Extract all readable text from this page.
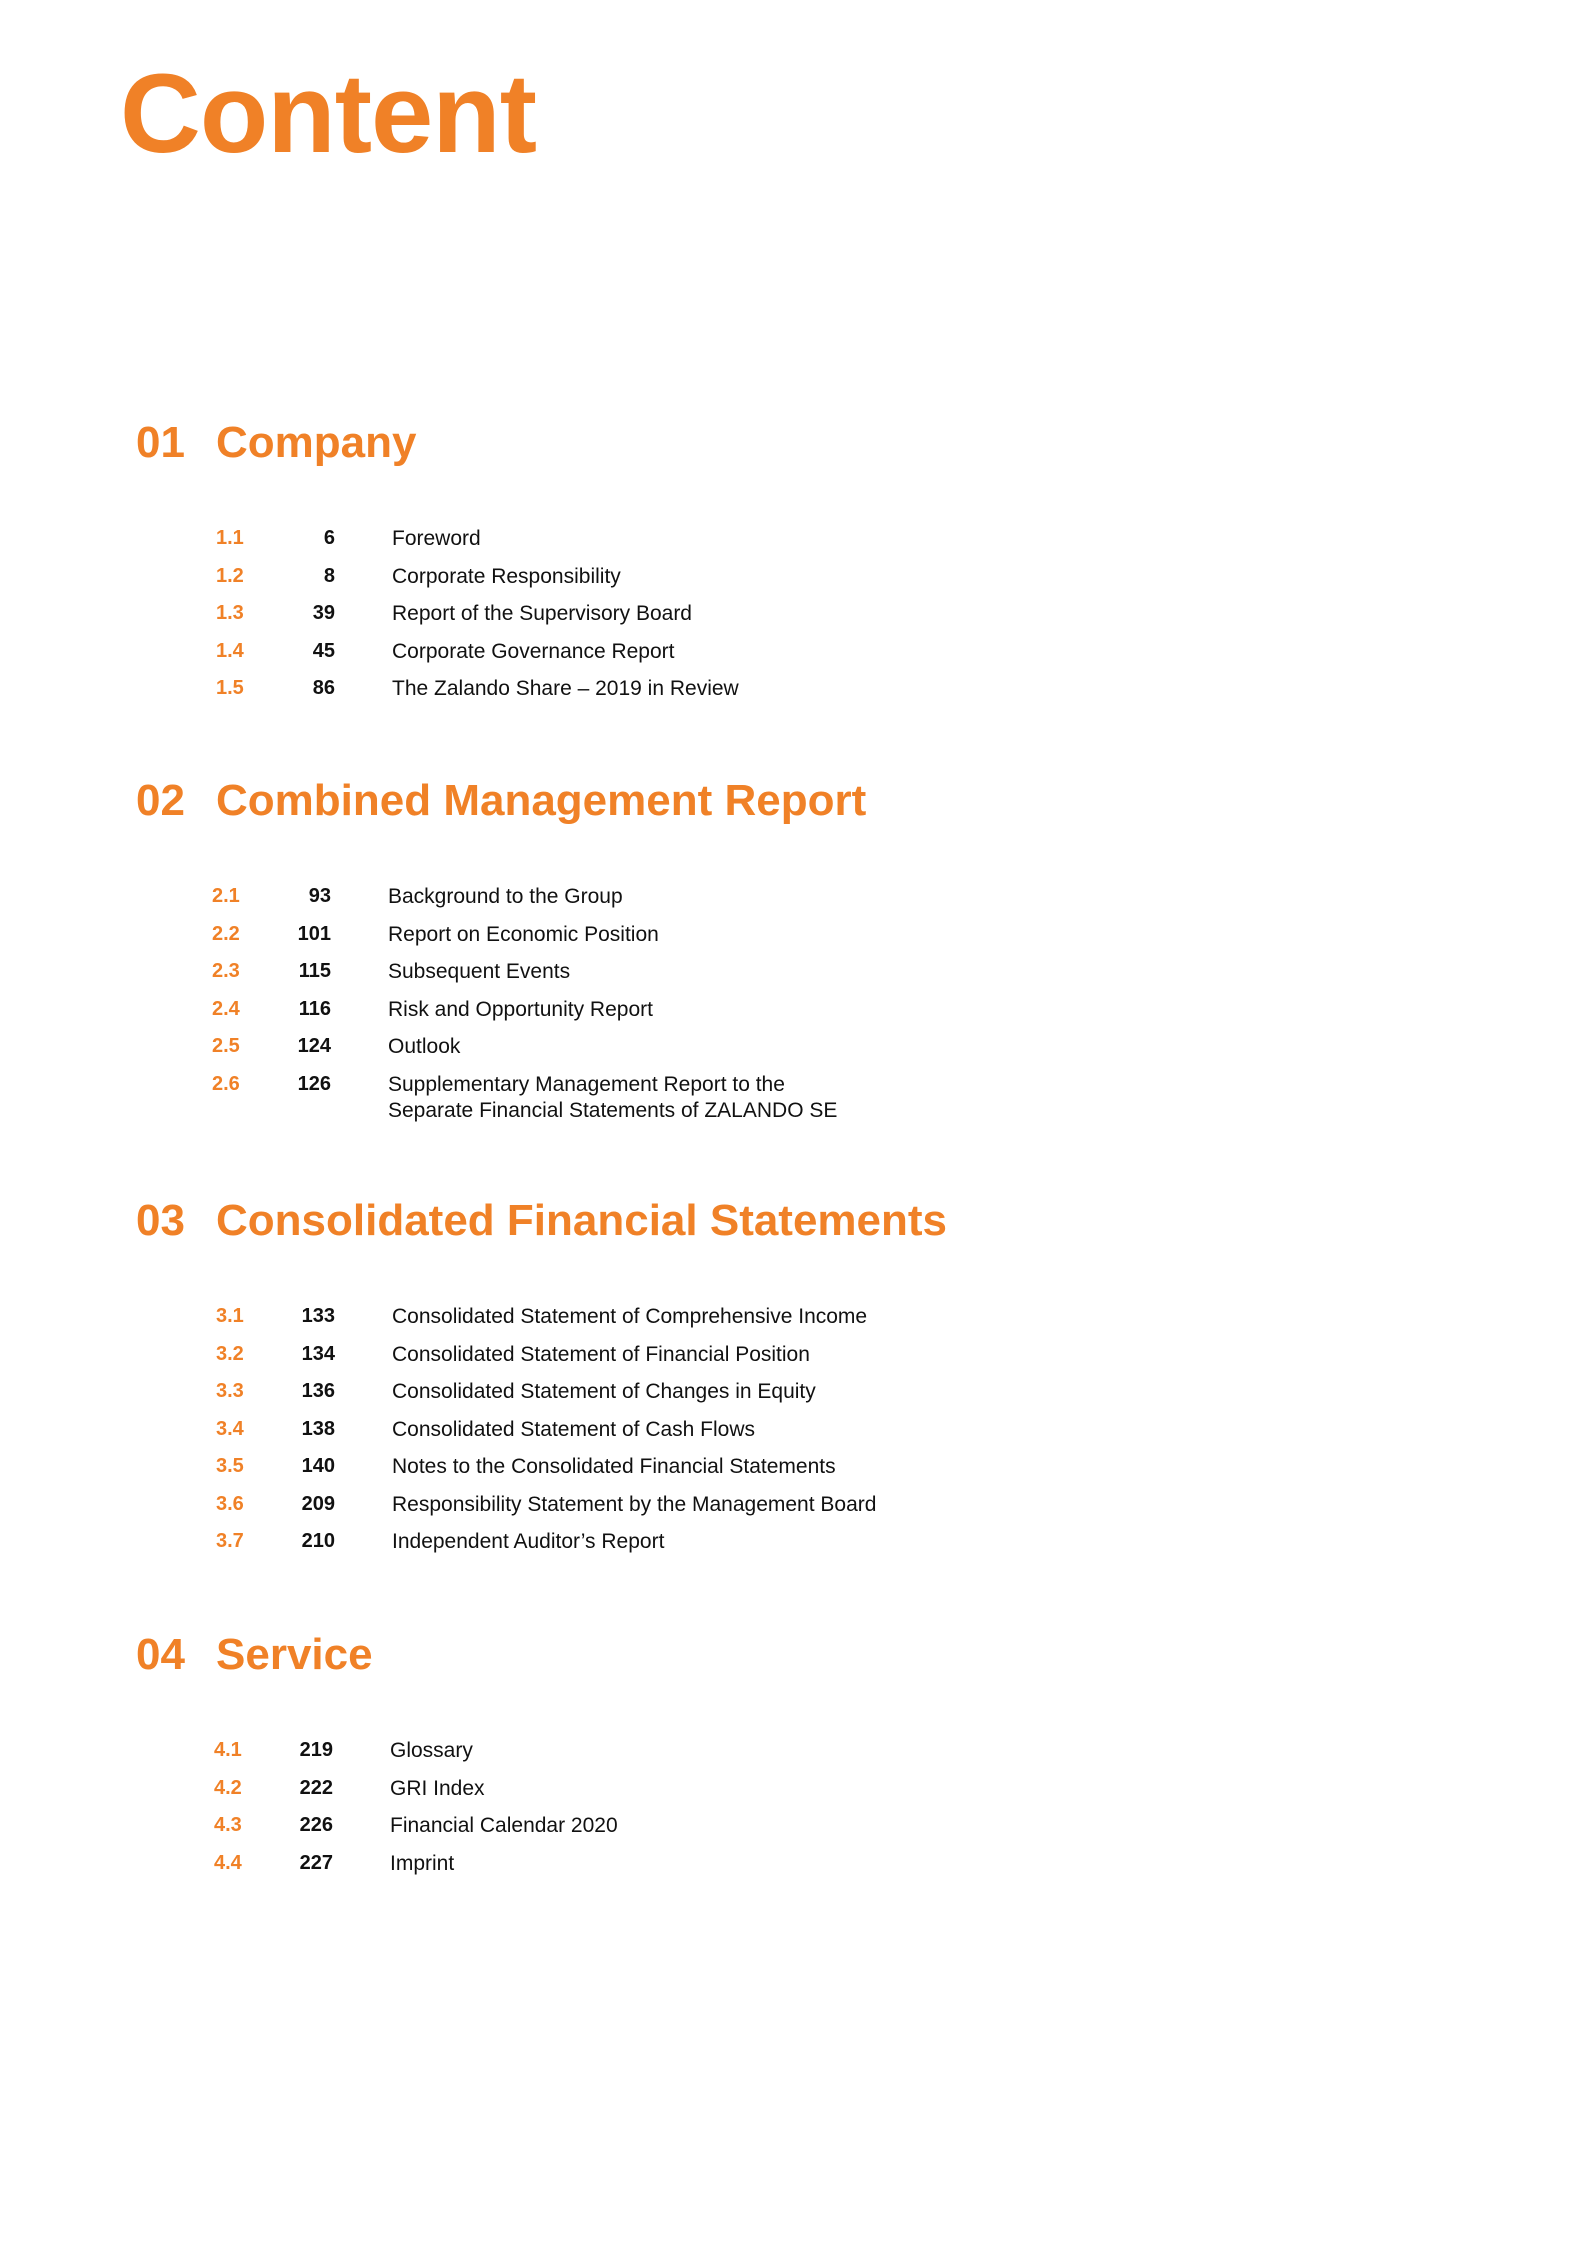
Content
01 Company
1.1	6	Foreword
1.2	8	Corporate Responsibility
1.3	39	Report of the Supervisory Board
1.4	45	Corporate Governance Report
1.5	86	The Zalando Share – 2019 in Review
02 Combined Management Report
2.1	93	Background to the Group
2.2	101	Report on Economic Position
2.3	115	Subsequent Events
2.4	116	Risk and Opportunity Report
2.5	124	Outlook
2.6	126	Supplementary Management Report to the
Separate Financial Statements of ZALANDO SE
03 Consolidated Financial Statements
3.1	133	Consolidated Statement of Comprehensive Income
3.2	134	Consolidated Statement of Financial Position
3.3	136	Consolidated Statement of Changes in Equity
3.4	138	Consolidated Statement of Cash Flows
3.5	140	Notes to the Consolidated Financial Statements
3.6	209	Responsibility Statement by the Management Board
3.7	210	Independent Auditor’s Report
04 Service
4.1	219	Glossary
4.2	222	GRI Index
4.3	226	Financial Calendar 2020
4.4	227	Imprint
